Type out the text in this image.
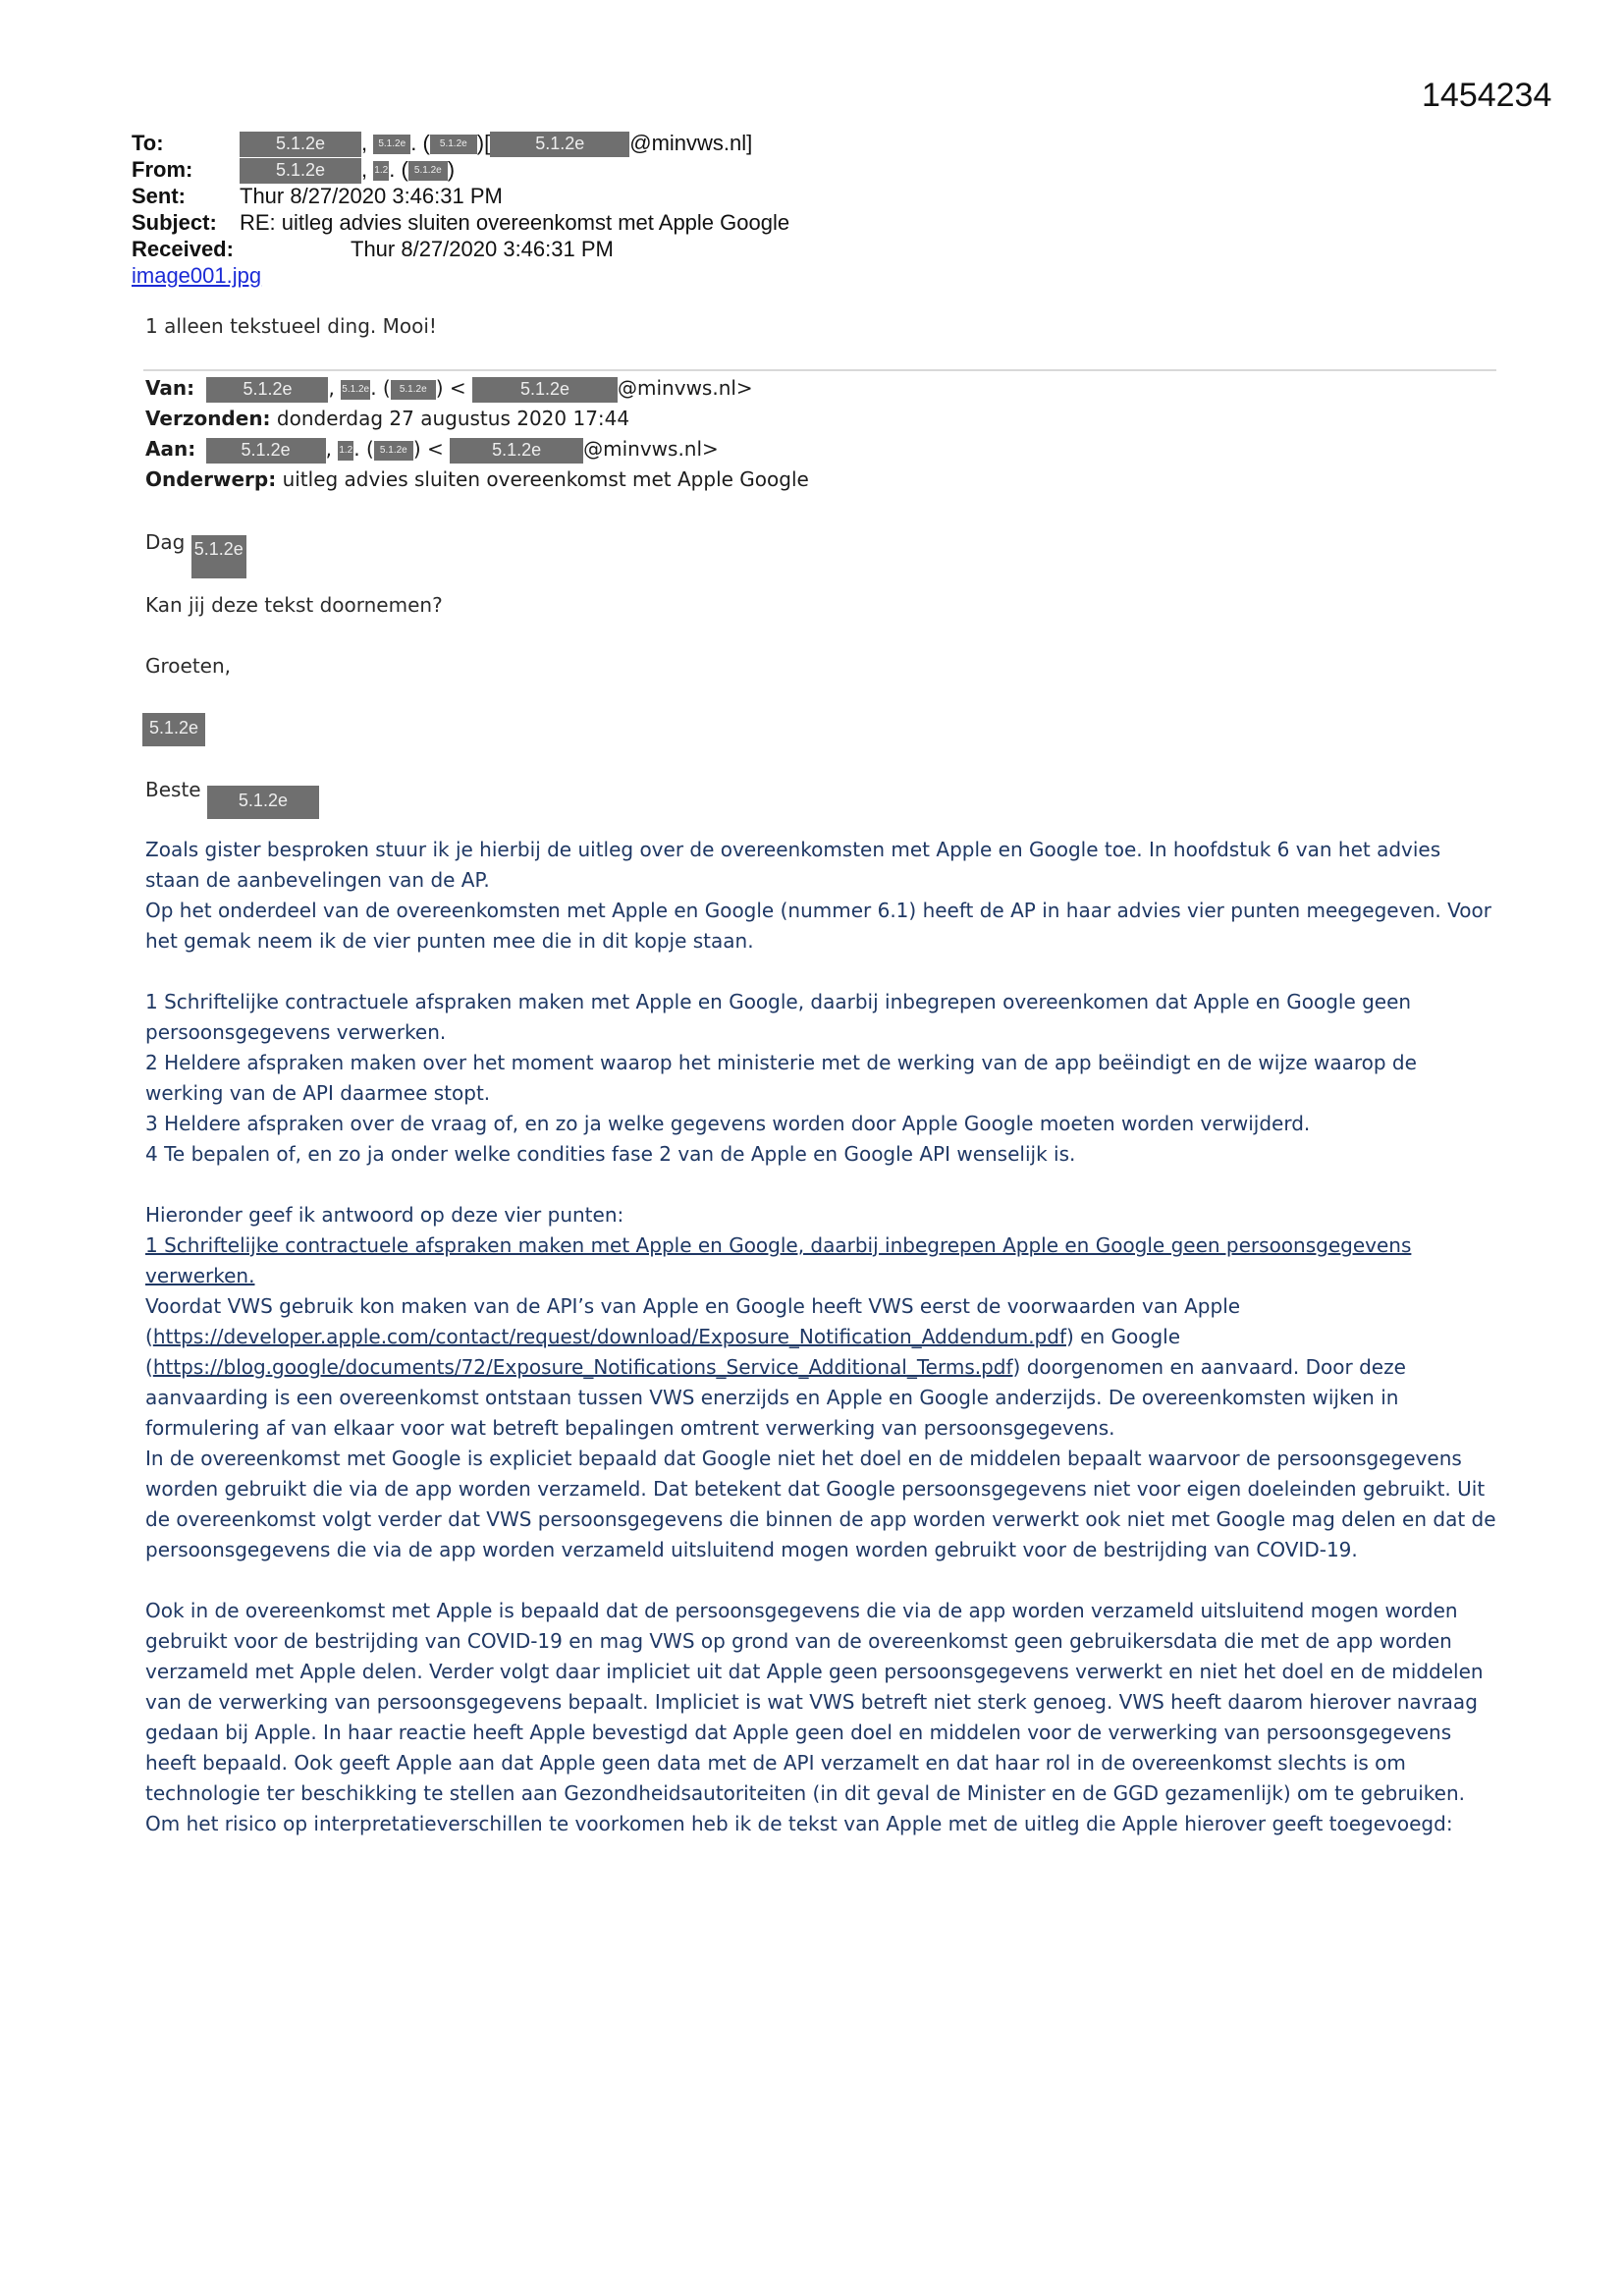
1454234
To:	5.1.2e , 5.1.2e . ( 5.1.2e )[	5.1.2e @minvws.nl]
From:	5.1.2e , 1.2. ( 5.1.2e )
Sent:	Thur 8/27/2020 3:46:31 PM
Subject: RE: uitleg advies sluiten overeenkomst met Apple Google
Received:	Thur 8/27/2020 3:46:31 PM
image001.jpg
1 alleen tekstueel ding. Mooi!
Van:	5.1.2e , 5.1.2e. ( 5.1.2e ) <	5.1.2e @minvws.nl>
Verzonden: donderdag 27 augustus 2020 17:44
Aan:	5.1.2e , 1.2. ( 5.1.2e ) < 5.1.2e @minvws.nl>
Onderwerp: uitleg advies sluiten overeenkomst met Apple Google
Dag 5.1.2e
Kan jij deze tekst doornemen?
Groeten,
5.1.2e
Beste 5.1.2e

Zoals gister besproken stuur ik je hierbij de uitleg over de overeenkomsten met Apple en Google toe. In hoofdstuk 6 van het advies staan de aanbevelingen van de AP.

Op het onderdeel van de overeenkomsten met Apple en Google (nummer 6.1) heeft de AP in haar advies vier punten meegegeven. Voor het gemak neem ik de vier punten mee die in dit kopje staan.

1 Schriftelijke contractuele afspraken maken met Apple en Google, daarbij inbegrepen overeenkomen dat Apple en Google geen persoonsgegevens verwerken.

2 Heldere afspraken maken over het moment waarop het ministerie met de werking van de app beëindigt en de wijze waarop de werking van de API daarmee stopt.

3 Heldere afspraken over de vraag of, en zo ja welke gegevens worden door Apple Google moeten worden verwijderd.

4 Te bepalen of, en zo ja onder welke condities fase 2 van de Apple en Google API wenselijk is.

Hieronder geef ik antwoord op deze vier punten:

1 Schriftelijke contractuele afspraken maken met Apple en Google, daarbij inbegrepen Apple en Google geen persoonsgegevens verwerken.

Voordat VWS gebruik kon maken van de API’s van Apple en Google heeft VWS eerst de voorwaarden van Apple (https://developer.apple.com/contact/request/download/Exposure_Notification_Addendum.pdf) en Google (https://blog.google/documents/72/Exposure_Notifications_Service_Additional_Terms.pdf) doorgenomen en aanvaard. Door deze aanvaarding is een overeenkomst ontstaan tussen VWS enerzijds en Apple en Google anderzijds. De overeenkomsten wijken in formulering af van elkaar voor wat betreft bepalingen omtrent verwerking van persoonsgegevens.

In de overeenkomst met Google is expliciet bepaald dat Google niet het doel en de middelen bepaalt waarvoor de persoonsgegevens worden gebruikt die via de app worden verzameld. Dat betekent dat Google persoonsgegevens niet voor eigen doeleinden gebruikt. Uit de overeenkomst volgt verder dat VWS persoonsgegevens die binnen de app worden verwerkt ook niet met Google mag delen en dat de persoonsgegevens die via de app worden verzameld uitsluitend mogen worden gebruikt voor de bestrijding van COVID-19.

Ook in de overeenkomst met Apple is bepaald dat de persoonsgegevens die via de app worden verzameld uitsluitend mogen worden gebruikt voor de bestrijding van COVID-19 en mag VWS op grond van de overeenkomst geen gebruikersdata die met de app worden verzameld met Apple delen. Verder volgt daar impliciet uit dat Apple geen persoonsgegevens verwerkt en niet het doel en de middelen van de verwerking van persoonsgegevens bepaalt. Impliciet is wat VWS betreft niet sterk genoeg. VWS heeft daarom hierover navraag gedaan bij Apple. In haar reactie heeft Apple bevestigd dat Apple geen doel en middelen voor de verwerking van persoonsgegevens heeft bepaald. Ook geeft Apple aan dat Apple geen data met de API verzamelt en dat haar rol in de overeenkomst slechts is om technologie ter beschikking te stellen aan Gezondheidsautoriteiten (in dit geval de Minister en de GGD gezamenlijk) om te gebruiken. Om het risico op interpretatieverschillen te voorkomen heb ik de tekst van Apple met de uitleg die Apple hierover geeft toegevoegd:
